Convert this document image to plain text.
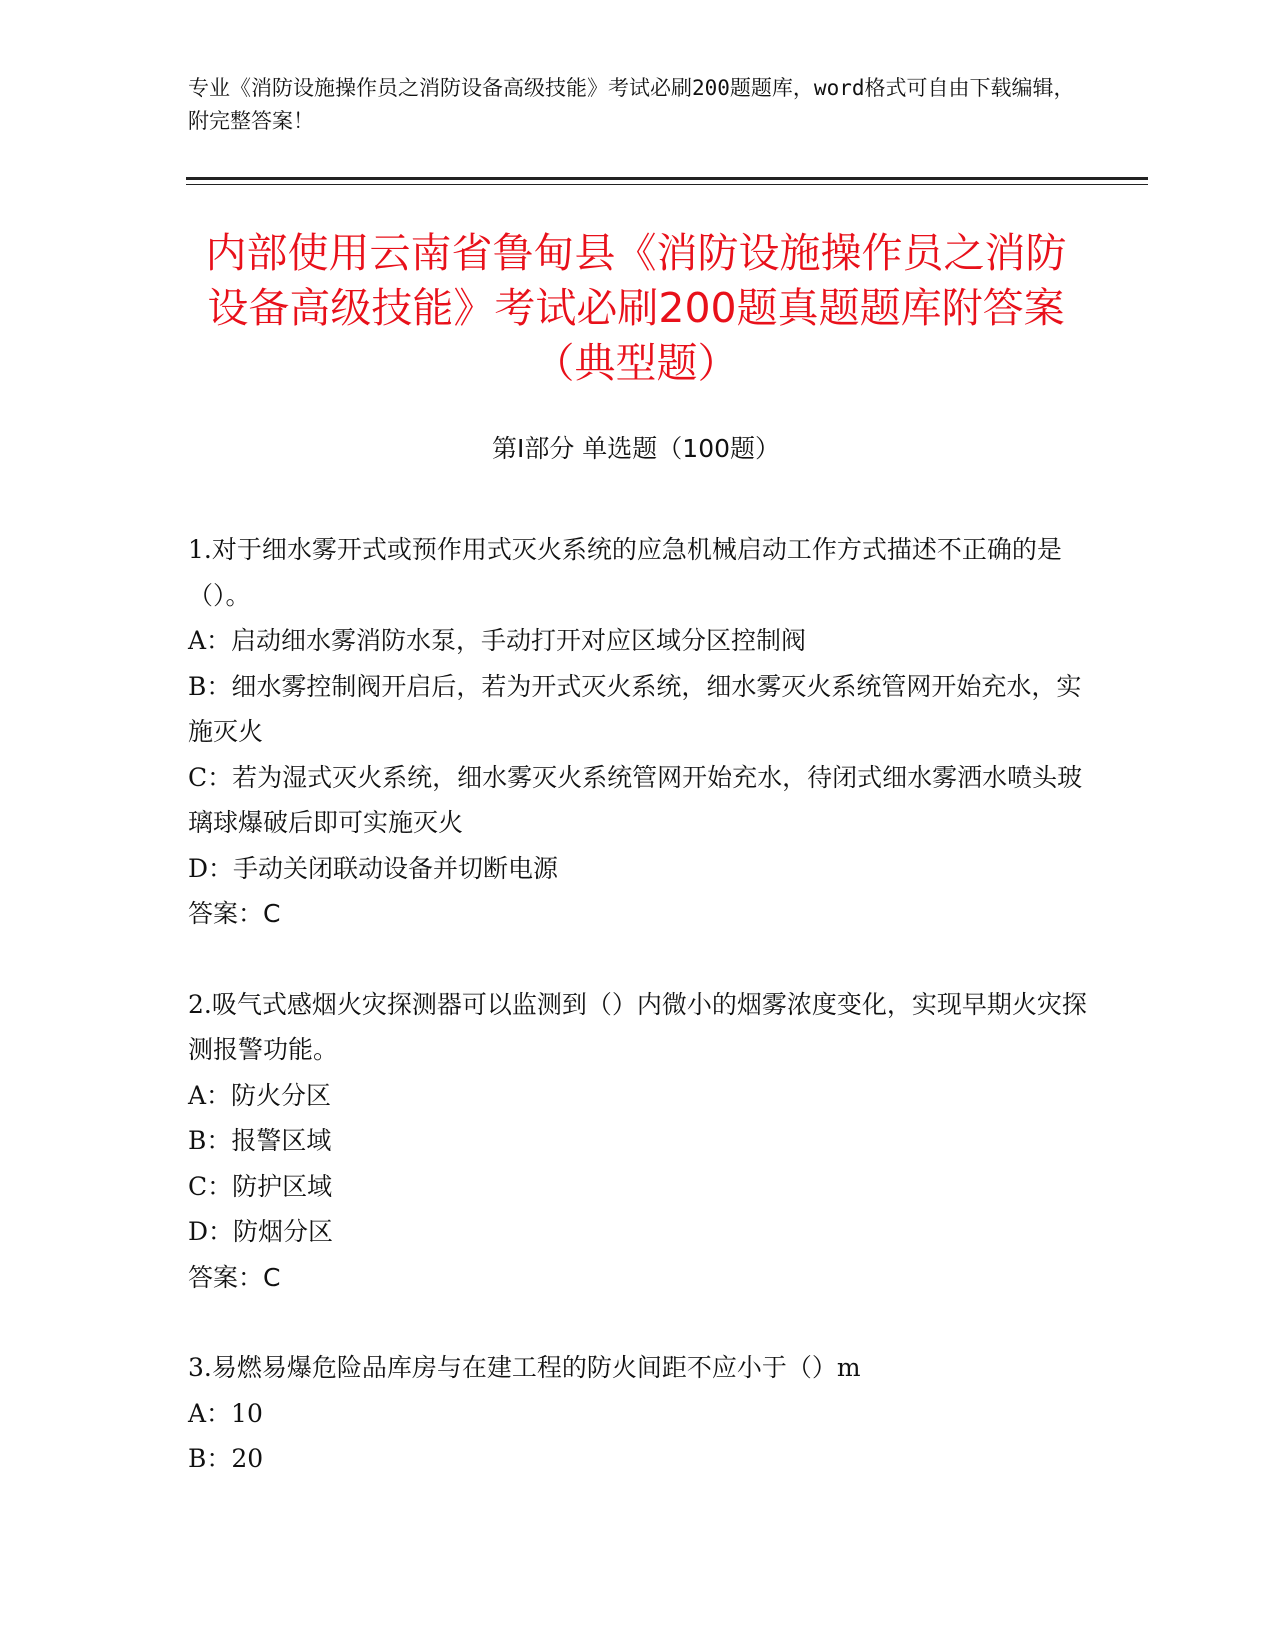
专业《消防设施操作员之消防设备高级技能》考试必刷200题题库，word格式可自由下载编辑，附完整答案！
内部使用云南省鲁甸县《消防设施操作员之消防设备高级技能》考试必刷200题真题题库附答案（典型题）
第Ⅰ部分 单选题（100题）
1.对于细水雾开式或预作用式灭火系统的应急机械启动工作方式描述不正确的是（）。
A：启动细水雾消防水泵，手动打开对应区域分区控制阀
B：细水雾控制阀开启后，若为开式灭火系统，细水雾灭火系统管网开始充水，实施灭火
C：若为湿式灭火系统，细水雾灭火系统管网开始充水，待闭式细水雾洒水喷头玻璃球爆破后即可实施灭火
D：手动关闭联动设备并切断电源
答案：C
2.吸气式感烟火灾探测器可以监测到（）内微小的烟雾浓度变化，实现早期火灾探测报警功能。
A：防火分区
B：报警区域
C：防护区域
D：防烟分区
答案：C
3.易燃易爆危险品库房与在建工程的防火间距不应小于（）m
A：10
B：20
